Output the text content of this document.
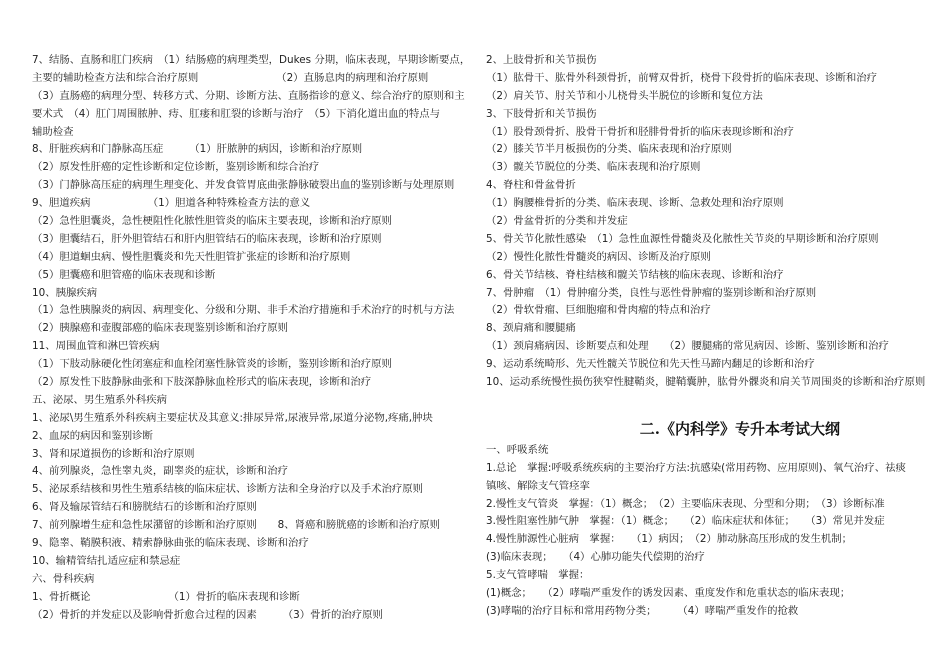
7、结肠、直肠和肛门疾病　（1）结肠癌的病理类型，Dukes 分期，临床表现，早期诊断要点，
主要的辅助检查方法和综合治疗原则　　　　　　　　（2）直肠息肉的病理和治疗原则
（3）直肠癌的病理分型、转移方式、分期、诊断方法、直肠指诊的意义、综合治疗的原则和主
要术式　（4）肛门周围脓肿、痔、肛瘘和肛裂的诊断与治疗　（5）下消化道出血的特点与
辅助检查
8、肝脏疾病和门静脉高压症　　　（1）肝脓肿的病因，诊断和治疗原则
（2）原发性肝癌的定性诊断和定位诊断，鉴别诊断和综合治疗
（3）门静脉高压症的病理生理变化、并发食管胃底曲张静脉破裂出血的鉴别诊断与处理原则
9、胆道疾病　　　　　　（1）胆道各种特殊检查方法的意义
（2）急性胆囊炎，急性梗阻性化脓性胆管炎的临床主要表现，诊断和治疗原则
（3）胆囊结石，肝外胆管结石和肝内胆管结石的临床表现，诊断和治疗原则
（4）胆道蛔虫病、慢性胆囊炎和先天性胆管扩张症的诊断和治疗原则
（5）胆囊癌和胆管癌的临床表现和诊断
10、胰腺疾病
（1）急性胰腺炎的病因、病理变化、分级和分期、非手术治疗措施和手术治疗的时机与方法
（2）胰腺癌和壶腹部癌的临床表现鉴别诊断和治疗原则
11、周围血管和淋巴管疾病
（1）下肢动脉硬化性闭塞症和血栓闭塞性脉管炎的诊断，鉴别诊断和治疗原则
（2）原发性下肢静脉曲张和下肢深静脉血栓形式的临床表现，诊断和治疗
五、泌尿、男生殖系外科疾病
1、泌尿\男生殖系外科疾病主要症状及其意义:排尿异常,尿液异常,尿道分泌物,疼痛,肿块
2、血尿的病因和鉴别诊断
3、肾和尿道损伤的诊断和治疗原则
4、前列腺炎，急性睾丸炎，副睾炎的症状，诊断和治疗
5、泌尿系结核和男性生殖系结核的临床症状、诊断方法和全身治疗以及手术治疗原则
6、肾及输尿管结石和膀胱结石的诊断和治疗原则
7、前列腺增生症和急性尿潴留的诊断和治疗原则　　8、肾癌和膀胱癌的诊断和治疗原则
9、隐睾、鞘膜积液、精索静脉曲张的临床表现、诊断和治疗
10、输精管结扎适应症和禁忌症
六、骨科疾病
1、骨折概论　　　　　　　　（1）骨折的临床表现和诊断
（2）骨折的并发症以及影响骨折愈合过程的因素　　　（3）骨折的治疗原则
2、上肢骨折和关节损伤
（1）肱骨干、肱骨外科颈骨折，前臂双骨折，桡骨下段骨折的临床表现、诊断和治疗
（2）肩关节、肘关节和小儿桡骨头半脱位的诊断和复位方法
3、下肢骨折和关节损伤
（1）股骨颈骨折、股骨干骨折和胫腓骨骨折的临床表现诊断和治疗
（2）膝关节半月板损伤的分类、临床表现和治疗原则
（3）髋关节脱位的分类、临床表现和治疗原则
4、脊柱和骨盆骨折
（1）胸腰椎骨折的分类、临床表现、诊断、急救处理和治疗原则
（2）骨盆骨折的分类和并发症
5、骨关节化脓性感染　（1）急性血源性骨髓炎及化脓性关节炎的早期诊断和治疗原则
（2）慢性化脓性骨髓炎的病因、诊断及治疗原则
6、骨关节结核、脊柱结核和髋关节结核的临床表现、诊断和治疗
7、骨肿瘤　（1）骨肿瘤分类，良性与恶性骨肿瘤的鉴别诊断和治疗原则
（2）骨软骨瘤、巨细胞瘤和骨肉瘤的特点和治疗
8、颈肩痛和腰腿痛
（1）颈肩痛病因、诊断要点和处理　　（2）腰腿痛的常见病因、诊断、鉴别诊断和治疗
9、运动系统畸形、先天性髋关节脱位和先天性马蹄内翻足的诊断和治疗
10、运动系统慢性损伤狭窄性腱鞘炎，腱鞘囊肿，肱骨外髁炎和肩关节周围炎的诊断和治疗原则
二.《内科学》专升本考试大纲
一、呼吸系统
1.总论　掌握:呼吸系统疾病的主要治疗方法:抗感染(常用药物、应用原则)、氧气治疗、祛痰
镇咳、解除支气管痉挛
2.慢性支气管炎　掌握：（1）概念；　（2）主要临床表现、分型和分期；　（3）诊断标准
3.慢性阻塞性肺气肿　掌握：（1）概念；　　（2）临床症状和体征；　　（3）常见并发症
4.慢性肺源性心脏病　掌握：　　（1）病因；　（2）肺动脉高压形成的发生机制；
(3)临床表现；　　（4）心肺功能失代偿期的治疗
5.支气管哮喘　掌握：
(1)概念；　　（2）哮喘严重发作的诱发因素、重度发作和危重状态的临床表现；
(3)哮喘的治疗目标和常用药物分类；　　　（4）哮喘严重发作的抢救
